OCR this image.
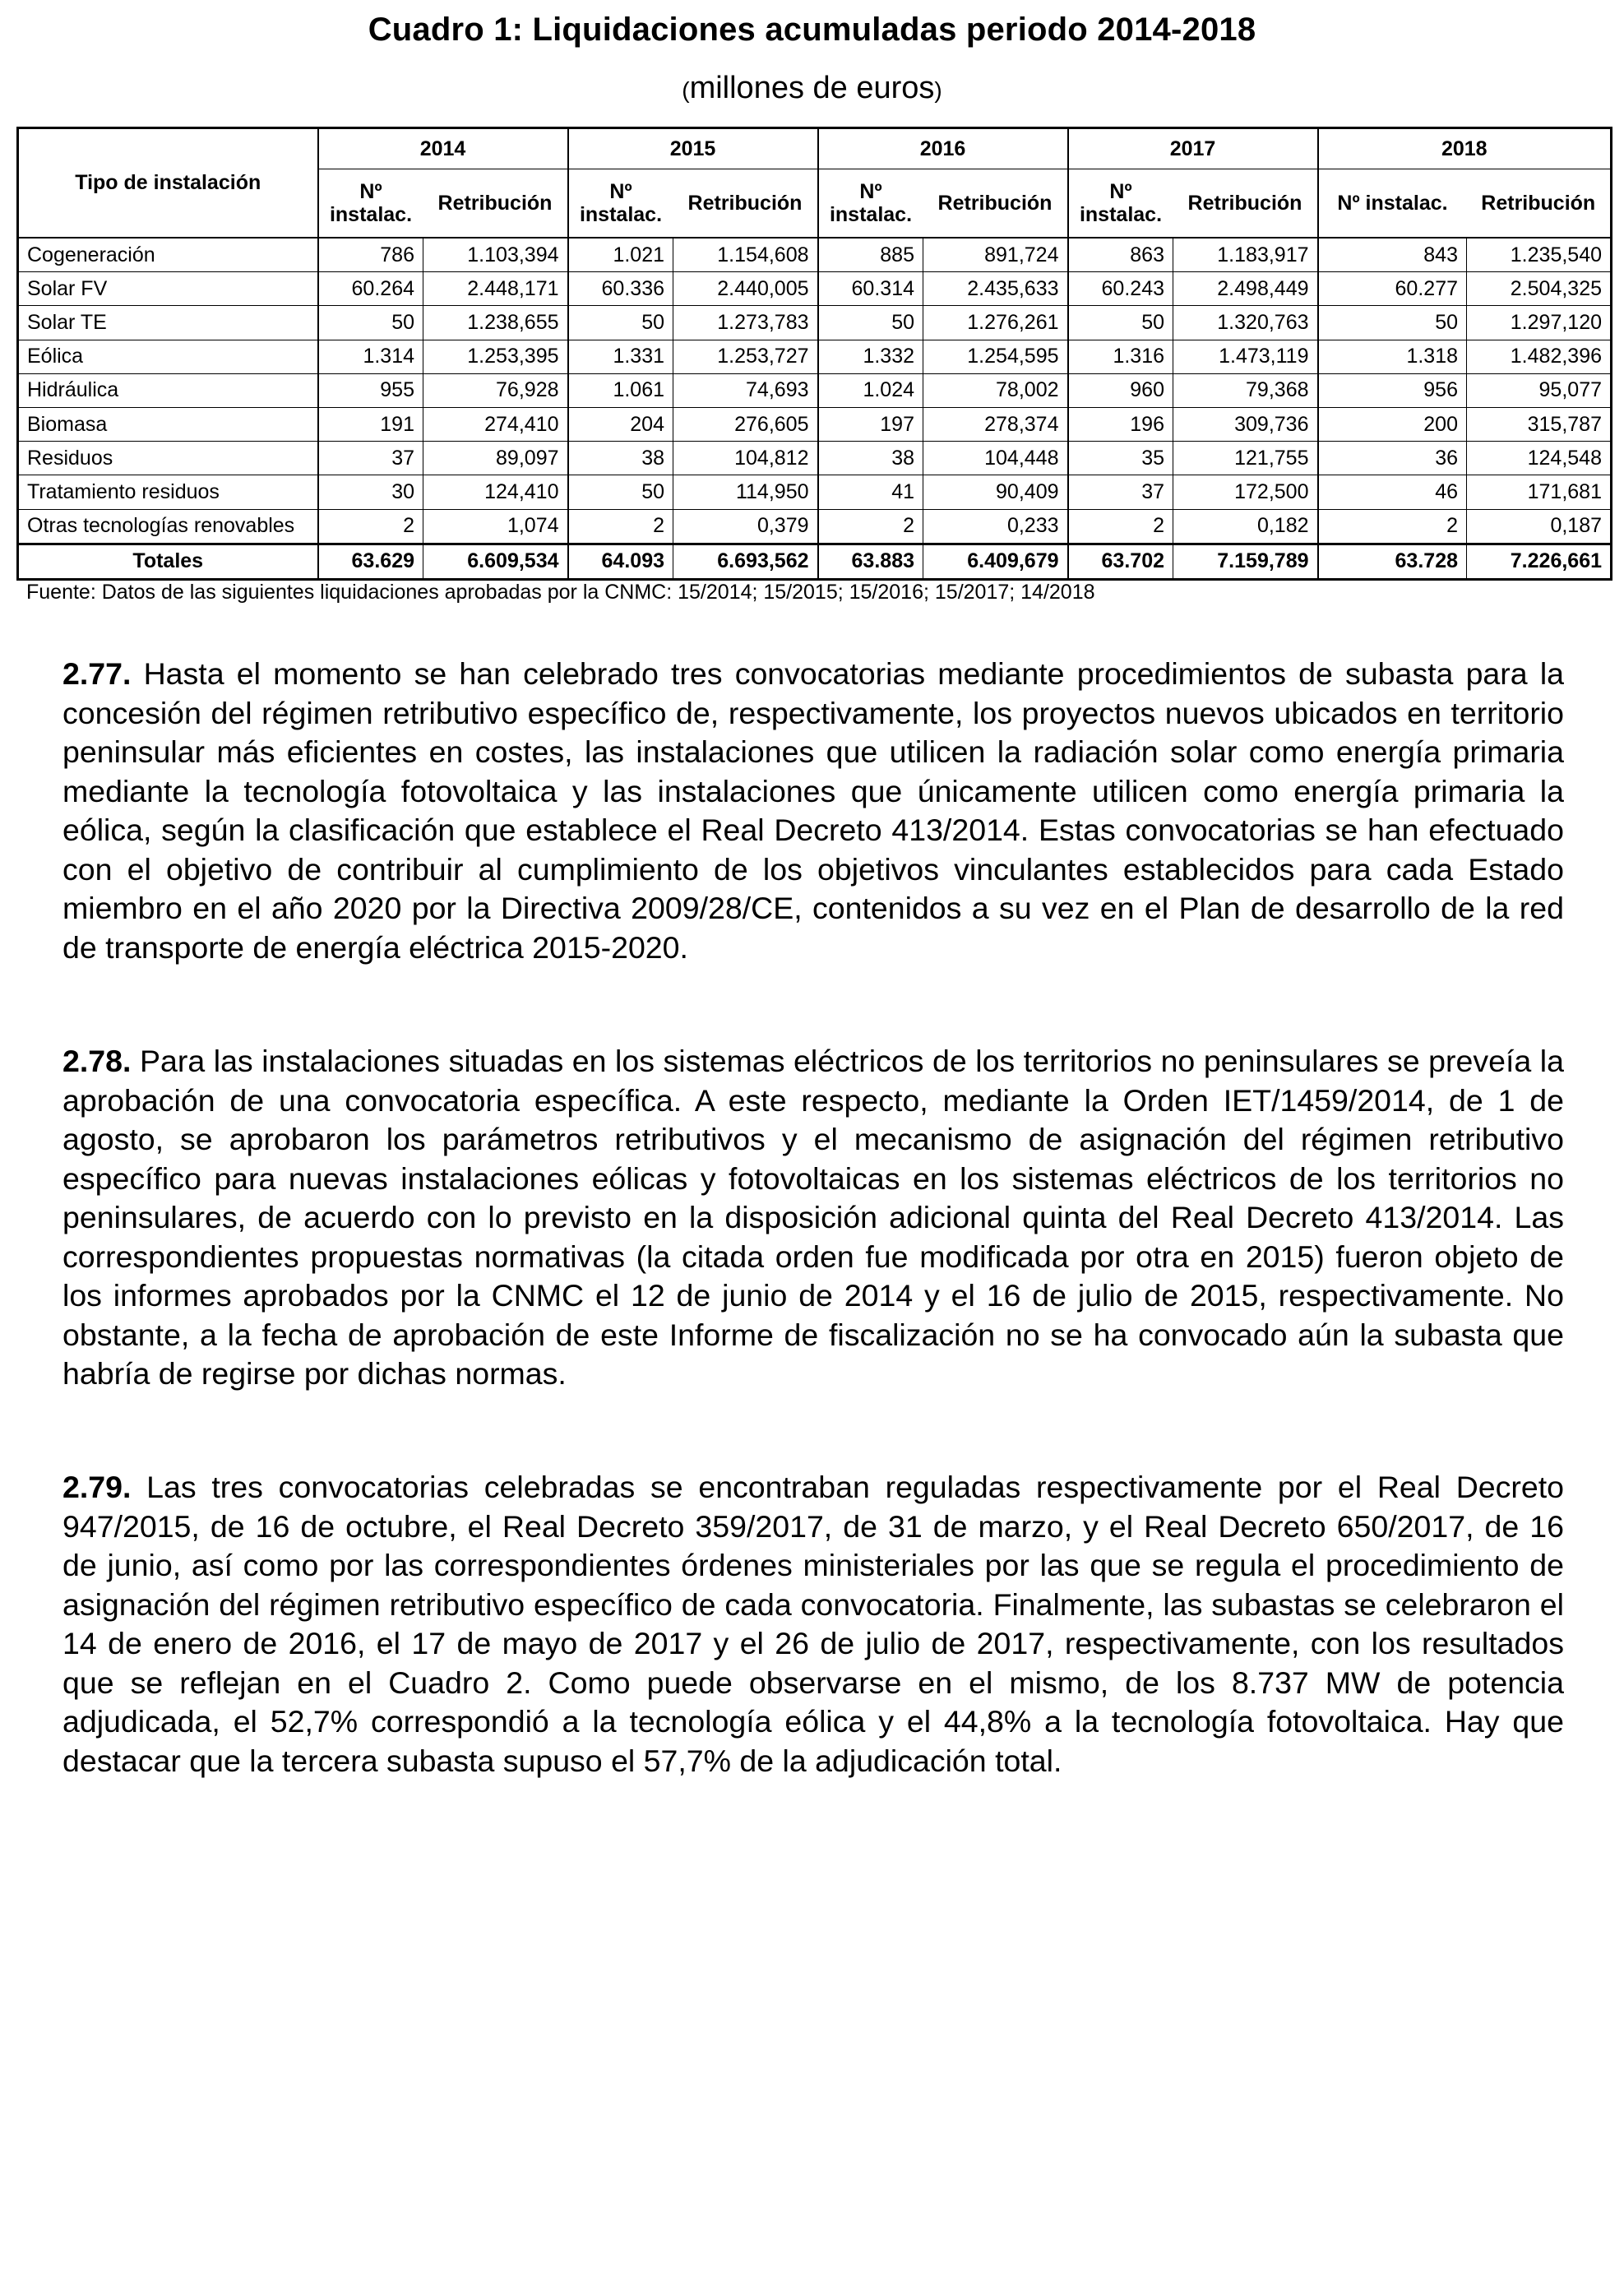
Cuadro 1: Liquidaciones acumuladas periodo 2014-2018
(millones de euros)
Tipo de instalación	2014		2015		2016		2017		2018	
	Nº instalac.	Retribución	Nº instalac.	Retribución	Nº instalac.	Retribución	Nº instalac.	Retribución	Nº instalac.	Retribución
Cogeneración	786	1.103,394	1.021	1.154,608	885	891,724	863	1.183,917	843	1.235,540
Solar FV	60.264	2.448,171	60.336	2.440,005	60.314	2.435,633	60.243	2.498,449	60.277	2.504,325
Solar TE	50	1.238,655	50	1.273,783	50	1.276,261	50	1.320,763	50	1.297,120
Eólica	1.314	1.253,395	1.331	1.253,727	1.332	1.254,595	1.316	1.473,119	1.318	1.482,396
Hidráulica	955	76,928	1.061	74,693	1.024	78,002	960	79,368	956	95,077
Biomasa	191	274,410	204	276,605	197	278,374	196	309,736	200	315,787
Residuos	37	89,097	38	104,812	38	104,448	35	121,755	36	124,548
Tratamiento residuos	30	124,410	50	114,950	41	90,409	37	172,500	46	171,681
Otras tecnologías renovables	2	1,074	2	0,379	2	0,233	2	0,182	2	0,187
Totales	63.629	6.609,534	64.093	6.693,562	63.883	6.409,679	63.702	7.159,789	63.728	7.226,661
Fuente: Datos de las siguientes liquidaciones aprobadas por la CNMC: 15/2014; 15/2015; 15/2016; 15/2017; 14/2018
2.77. Hasta el momento se han celebrado tres convocatorias mediante procedimientos de subasta para la concesión del régimen retributivo específico de, respectivamente, los proyectos nuevos ubicados en territorio peninsular más eficientes en costes, las instalaciones que utilicen la radiación solar como energía primaria mediante la tecnología fotovoltaica y las instalaciones que únicamente utilicen como energía primaria la eólica, según la clasificación que establece el Real Decreto 413/2014. Estas convocatorias se han efectuado con el objetivo de contribuir al cumplimiento de los objetivos vinculantes establecidos para cada Estado miembro en el año 2020 por la Directiva 2009/28/CE, contenidos a su vez en el Plan de desarrollo de la red de transporte de energía eléctrica 2015-2020.
2.78. Para las instalaciones situadas en los sistemas eléctricos de los territorios no peninsulares se preveía la aprobación de una convocatoria específica. A este respecto, mediante la Orden IET/1459/2014, de 1 de agosto, se aprobaron los parámetros retributivos y el mecanismo de asignación del régimen retributivo específico para nuevas instalaciones eólicas y fotovoltaicas en los sistemas eléctricos de los territorios no peninsulares, de acuerdo con lo previsto en la disposición adicional quinta del Real Decreto 413/2014. Las correspondientes propuestas normativas (la citada orden fue modificada por otra en 2015) fueron objeto de los informes aprobados por la CNMC el 12 de junio de 2014 y el 16 de julio de 2015, respectivamente. No obstante, a la fecha de aprobación de este Informe de fiscalización no se ha convocado aún la subasta que habría de regirse por dichas normas.
2.79. Las tres convocatorias celebradas se encontraban reguladas respectivamente por el Real Decreto 947/2015, de 16 de octubre, el Real Decreto 359/2017, de 31 de marzo, y el Real Decreto 650/2017, de 16 de junio, así como por las correspondientes órdenes ministeriales por las que se regula el procedimiento de asignación del régimen retributivo específico de cada convocatoria. Finalmente, las subastas se celebraron el 14 de enero de 2016, el 17 de mayo de 2017 y el 26 de julio de 2017, respectivamente, con los resultados que se reflejan en el Cuadro 2. Como puede observarse en el mismo, de los 8.737 MW de potencia adjudicada, el 52,7% correspondió a la tecnología eólica y el 44,8% a la tecnología fotovoltaica. Hay que destacar que la tercera subasta supuso el 57,7% de la adjudicación total.
